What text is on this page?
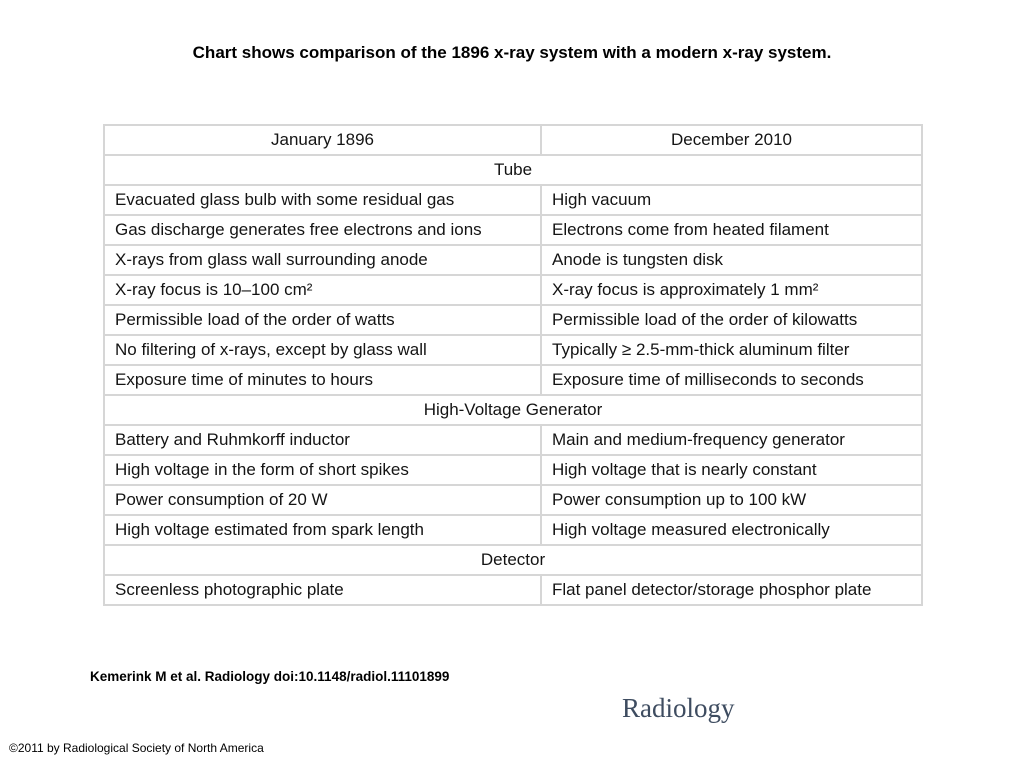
Chart shows comparison of the 1896 x-ray system with a modern x-ray system.
January 1896	December 2010
Tube	
Evacuated glass bulb with some residual gas	High vacuum
Gas discharge generates free electrons and ions	Electrons come from heated filament
X-rays from glass wall surrounding anode	Anode is tungsten disk
X-ray focus is 10–100 cm²	X-ray focus is approximately 1 mm²
Permissible load of the order of watts	Permissible load of the order of kilowatts
No filtering of x-rays, except by glass wall	Typically ≥ 2.5-mm-thick aluminum filter
Exposure time of minutes to hours	Exposure time of milliseconds to seconds
High-Voltage Generator	
Battery and Ruhmkorff inductor	Main and medium-frequency generator
High voltage in the form of short spikes	High voltage that is nearly constant
Power consumption of 20 W	Power consumption up to 100 kW
High voltage estimated from spark length	High voltage measured electronically
Detector	
Screenless photographic plate	Flat panel detector/storage phosphor plate
Kemerink M et al. Radiology doi:10.1148/radiol.11101899
Radiology
©2011 by Radiological Society of North America
